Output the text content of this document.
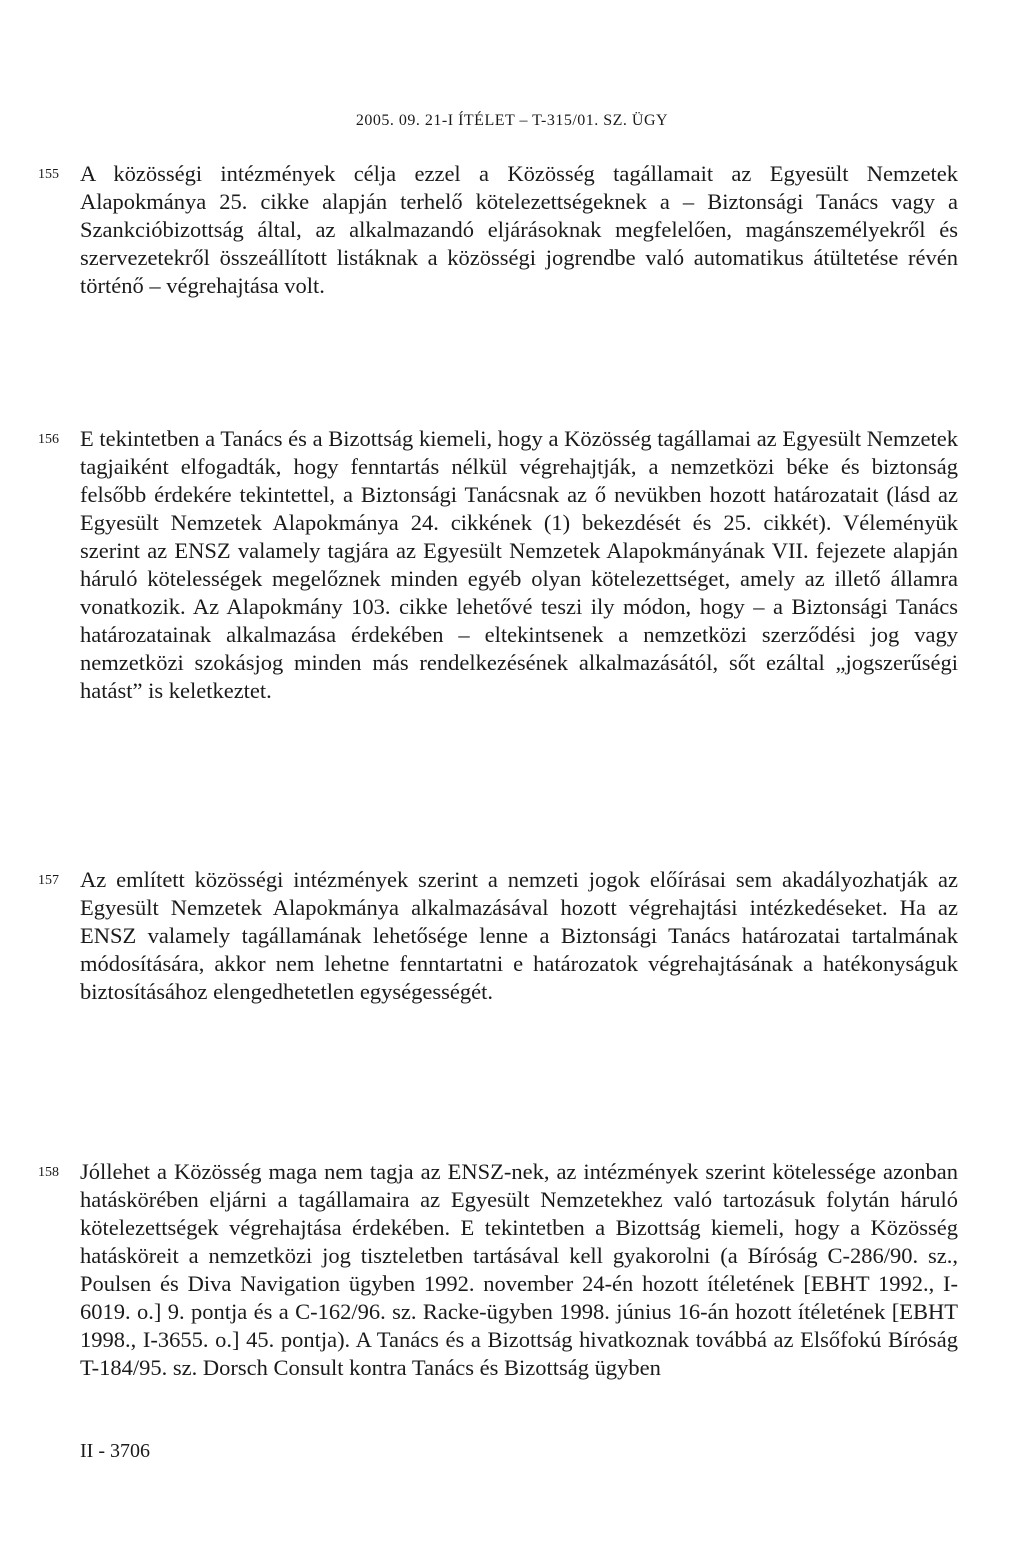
2005. 09. 21-I ÍTÉLET – T-315/01. SZ. ÜGY
155 A közösségi intézmények célja ezzel a Közösség tagállamait az Egyesült Nemzetek Alapokmánya 25. cikke alapján terhelő kötelezettségeknek a – Biztonsági Tanács vagy a Szankcióbizottság által, az alkalmazandó eljárásoknak megfelelően, magánszemélyekről és szervezetekről összeállított listáknak a közösségi jogrendbe való automatikus átültetése révén történő – végrehajtása volt.

156 E tekintetben a Tanács és a Bizottság kiemeli, hogy a Közösség tagállamai az Egyesült Nemzetek tagjaiként elfogadták, hogy fenntartás nélkül végrehajtják, a nemzetközi béke és biztonság felsőbb érdekére tekintettel, a Biztonsági Tanácsnak az ő nevükben hozott határozatait (lásd az Egyesült Nemzetek Alapokmánya 24. cikkének (1) bekezdését és 25. cikkét). Véleményük szerint az ENSZ valamely tagjára az Egyesült Nemzetek Alapokmányának VII. fejezete alapján háruló kötelességek megelőznek minden egyéb olyan kötelezettséget, amely az illető államra vonatkozik. Az Alapokmány 103. cikke lehetővé teszi ily módon, hogy – a Biztonsági Tanács határozatainak alkalmazása érdekében – eltekintsenek a nemzetközi szerződési jog vagy nemzetközi szokásjog minden más rendelkezésének alkalmazásától, sőt ezáltal „jogszerűségi hatást” is keletkeztet.

157 Az említett közösségi intézmények szerint a nemzeti jogok előírásai sem akadályozhatják az Egyesült Nemzetek Alapokmánya alkalmazásával hozott végrehajtási intézkedéseket. Ha az ENSZ valamely tagállamának lehetősége lenne a Biztonsági Tanács határozatai tartalmának módosítására, akkor nem lehetne fenntartatni e határozatok végrehajtásának a hatékonyságuk biztosításához elengedhetetlen egységességét.

158 Jóllehet a Közösség maga nem tagja az ENSZ-nek, az intézmények szerint kötelessége azonban hatáskörében eljárni a tagállamaira az Egyesült Nemzetekhez való tartozásuk folytán háruló kötelezettségek végrehajtása érdekében. E tekintetben a Bizottság kiemeli, hogy a Közösség hatásköreit a nemzetközi jog tiszteletben tartásával kell gyakorolni (a Bíróság C-286/90. sz., Poulsen és Diva Navigation ügyben 1992. november 24-én hozott ítéletének [EBHT 1992., I-6019. o.] 9. pontja és a C-162/96. sz. Racke-ügyben 1998. június 16-án hozott ítéletének [EBHT 1998., I-3655. o.] 45. pontja). A Tanács és a Bizottság hivatkoznak továbbá az Elsőfokú Bíróság T-184/95. sz. Dorsch Consult kontra Tanács és Bizottság ügyben

II - 3706
